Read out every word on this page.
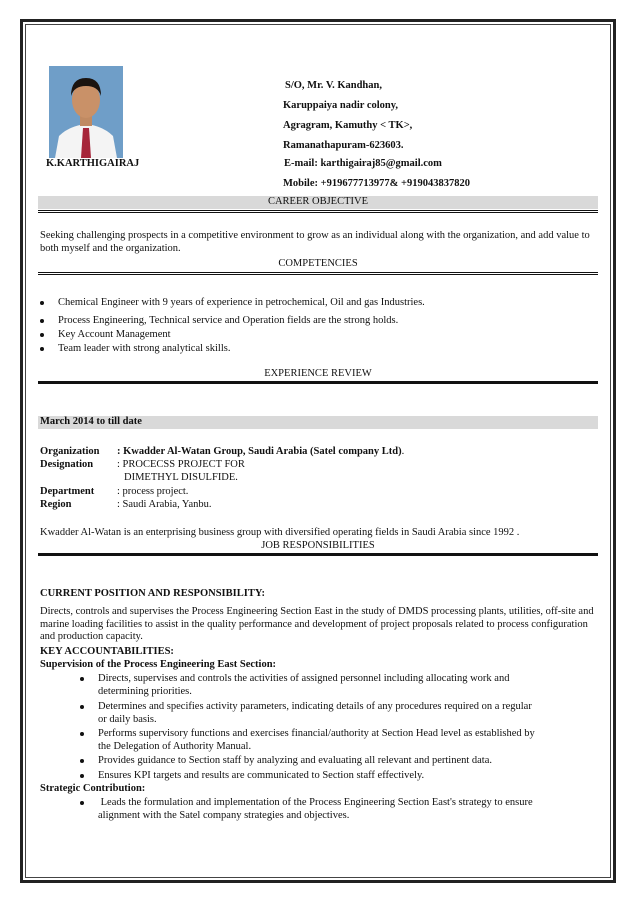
S/O, Mr. V. Kandhan,
Karuppaiya nadir colony,
Agragram, Kamuthy < TK>,
Ramanathapuram-623603.
K.KARTHIGAIRAJ	E-mail: karthigairaj85@gmail.com
Mobile: +919677713977& +919043837820
CAREER OBJECTIVE
Seeking challenging prospects in a competitive environment to grow as an individual along with the organization, and add value to both myself and the organization.
COMPETENCIES
Chemical Engineer with 9 years of experience in petrochemical, Oil and gas Industries.
Process Engineering, Technical service and Operation fields are the strong holds.
Key Account Management
Team leader with strong analytical skills.
EXPERIENCE REVIEW
March 2014 to till date
Organization : Kwadder Al-Watan Group, Saudi Arabia (Satel company Ltd).
Designation : PROCECSS PROJECT FOR
DIMETHYL DISULFIDE.
Department : process project.
Region	: Saudi Arabia, Yanbu.
Kwadder Al-Watan is an enterprising business group with diversified operating fields in Saudi Arabia since 1992 .
JOB RESPONSIBILITIES
CURRENT POSITION AND RESPONSIBILITY:
Directs, controls and supervises the Process Engineering Section East in the study of DMDS processing plants, utilities, off-site and marine loading facilities to assist in the quality performance and development of project proposals related to process configuration and production capacity.
KEY ACCOUNTABILITIES:
Supervision of the Process Engineering East Section:
Directs, supervises and controls the activities of assigned personnel including allocating work and
determining priorities.
Determines and specifies activity parameters, indicating details of any procedures required on a regular
or daily basis.
Performs supervisory functions and exercises financial/authority at Section Head level as established by
the Delegation of Authority Manual.
Provides guidance to Section staff by analyzing and evaluating all relevant and pertinent data.
Ensures KPI targets and results are communicated to Section staff effectively.
Strategic Contribution:
Leads the formulation and implementation of the Process Engineering Section East's strategy to ensure
alignment with the Satel company strategies and objectives.
